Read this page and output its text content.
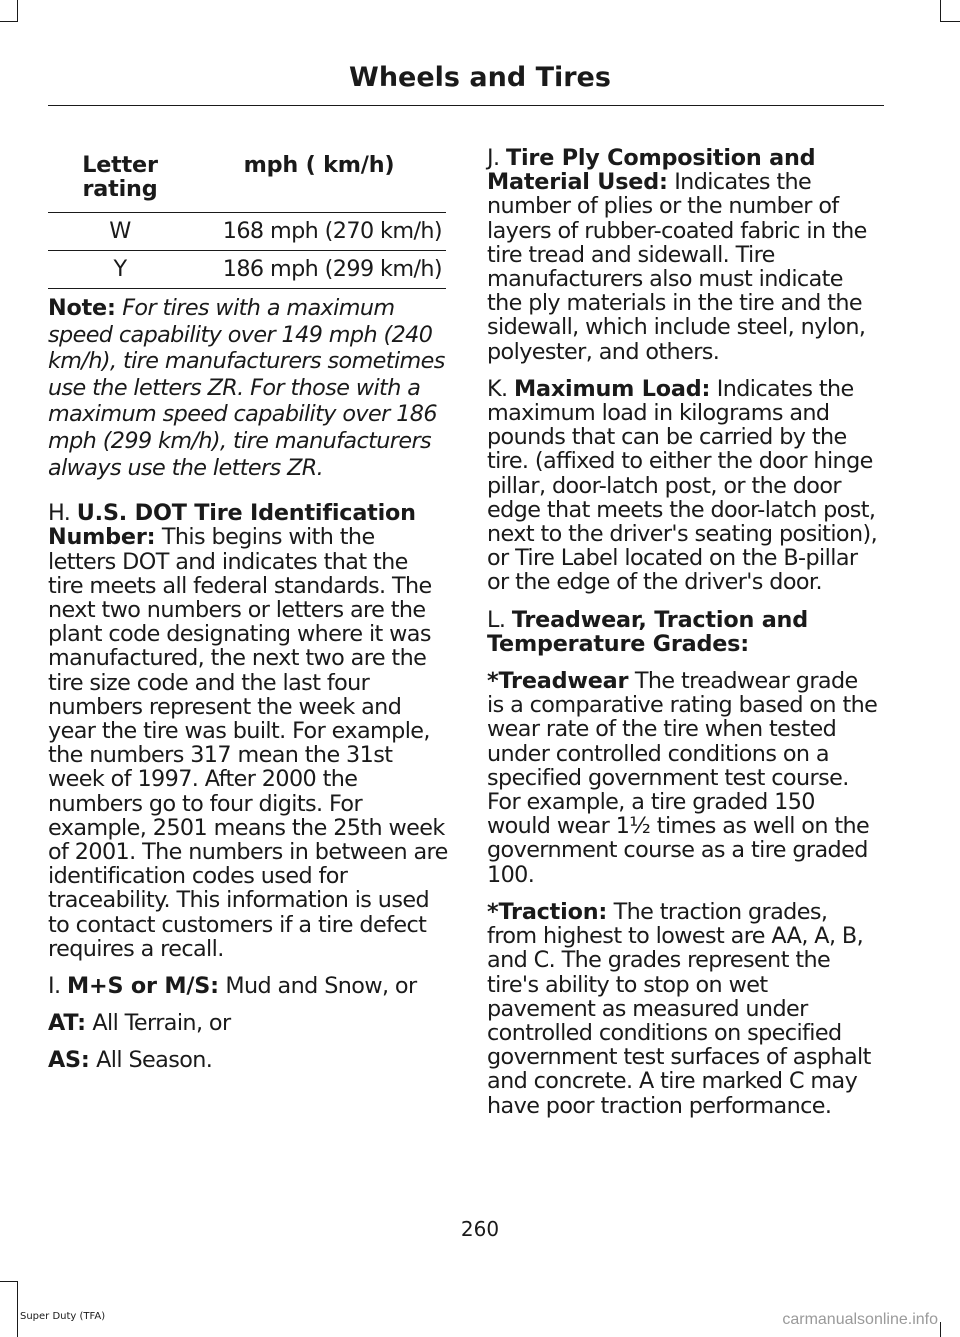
Wheels and Tires
Letter rating	mph ( km/h)
W	168 mph (270 km/h)
Y	186 mph (299 km/h)

Note: For tires with a maximum speed capability over 149 mph (240 km/h), tire manufacturers sometimes use the letters ZR. For those with a maximum speed capability over 186 mph (299 km/h), tire manufacturers always use the letters ZR.

H. U.S. DOT Tire Identification Number: This begins with the letters DOT and indicates that the tire meets all federal standards. The next two numbers or letters are the plant code designating where it was manufactured, the next two are the tire size code and the last four numbers represent the week and year the tire was built. For example, the numbers 317 mean the 31st week of 1997. After 2000 the numbers go to four digits. For example, 2501 means the 25th week of 2001. The numbers in between are identification codes used for traceability. This information is used to contact customers if a tire defect requires a recall.

I. M+S or M/S: Mud and Snow, or

AT: All Terrain, or

AS: All Season.

J. Tire Ply Composition and Material Used: Indicates the number of plies or the number of layers of rubber-coated fabric in the tire tread and sidewall. Tire manufacturers also must indicate the ply materials in the tire and the sidewall, which include steel, nylon, polyester, and others.

K. Maximum Load: Indicates the maximum load in kilograms and pounds that can be carried by the tire. (affixed to either the door hinge pillar, door-latch post, or the door edge that meets the door-latch post, next to the driver's seating position), or Tire Label located on the B-pillar or the edge of the driver's door.

L. Treadwear, Traction and Temperature Grades:

*Treadwear The treadwear grade is a comparative rating based on the wear rate of the tire when tested under controlled conditions on a specified government test course. For example, a tire graded 150 would wear 1½ times as well on the government course as a tire graded 100.

*Traction: The traction grades, from highest to lowest are AA, A, B, and C. The grades represent the tire's ability to stop on wet pavement as measured under controlled conditions on specified government test surfaces of asphalt and concrete. A tire marked C may have poor traction performance.

260
Super Duty (TFA)	carmanualsonline.info
